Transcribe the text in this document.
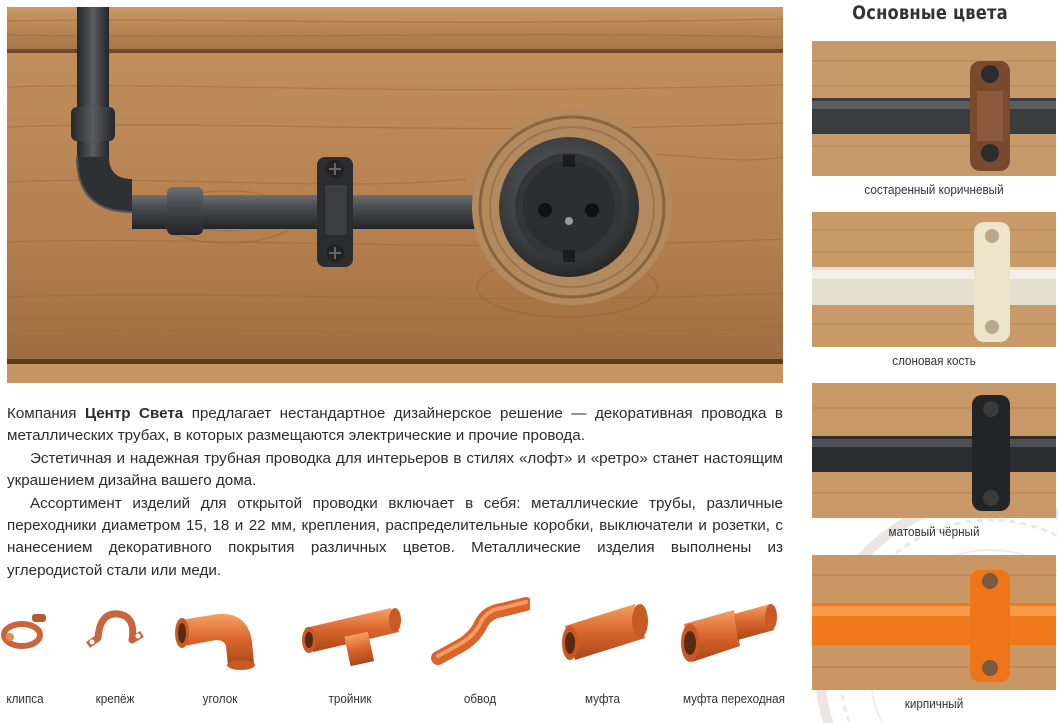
Компания Центр Света предлагает нестандартное дизайнерское решение — декоративная проводка в металлических трубах, в которых размещаются электрические и прочие провода.

Эстетичная и надежная трубная проводка для интерьеров в стилях «лофт» и «ретро» станет настоящим украшением дизайна вашего дома.

Ассортимент изделий для открытой проводки включает в себя: металлические трубы, различные переходники диаметром 15, 18 и 22 мм, крепления, распределительные коробки, выключатели и розетки, с нанесением декоративного покрытия различных цветов. Металлические изделия выполнены из углеродистой стали или меди.

Основные цвета
состаренный коричневый
слоновая кость
матовый чёрный
кирпичный
клипса	крепёж	уголок	тройник	обвод	муфта	муфта переходная
